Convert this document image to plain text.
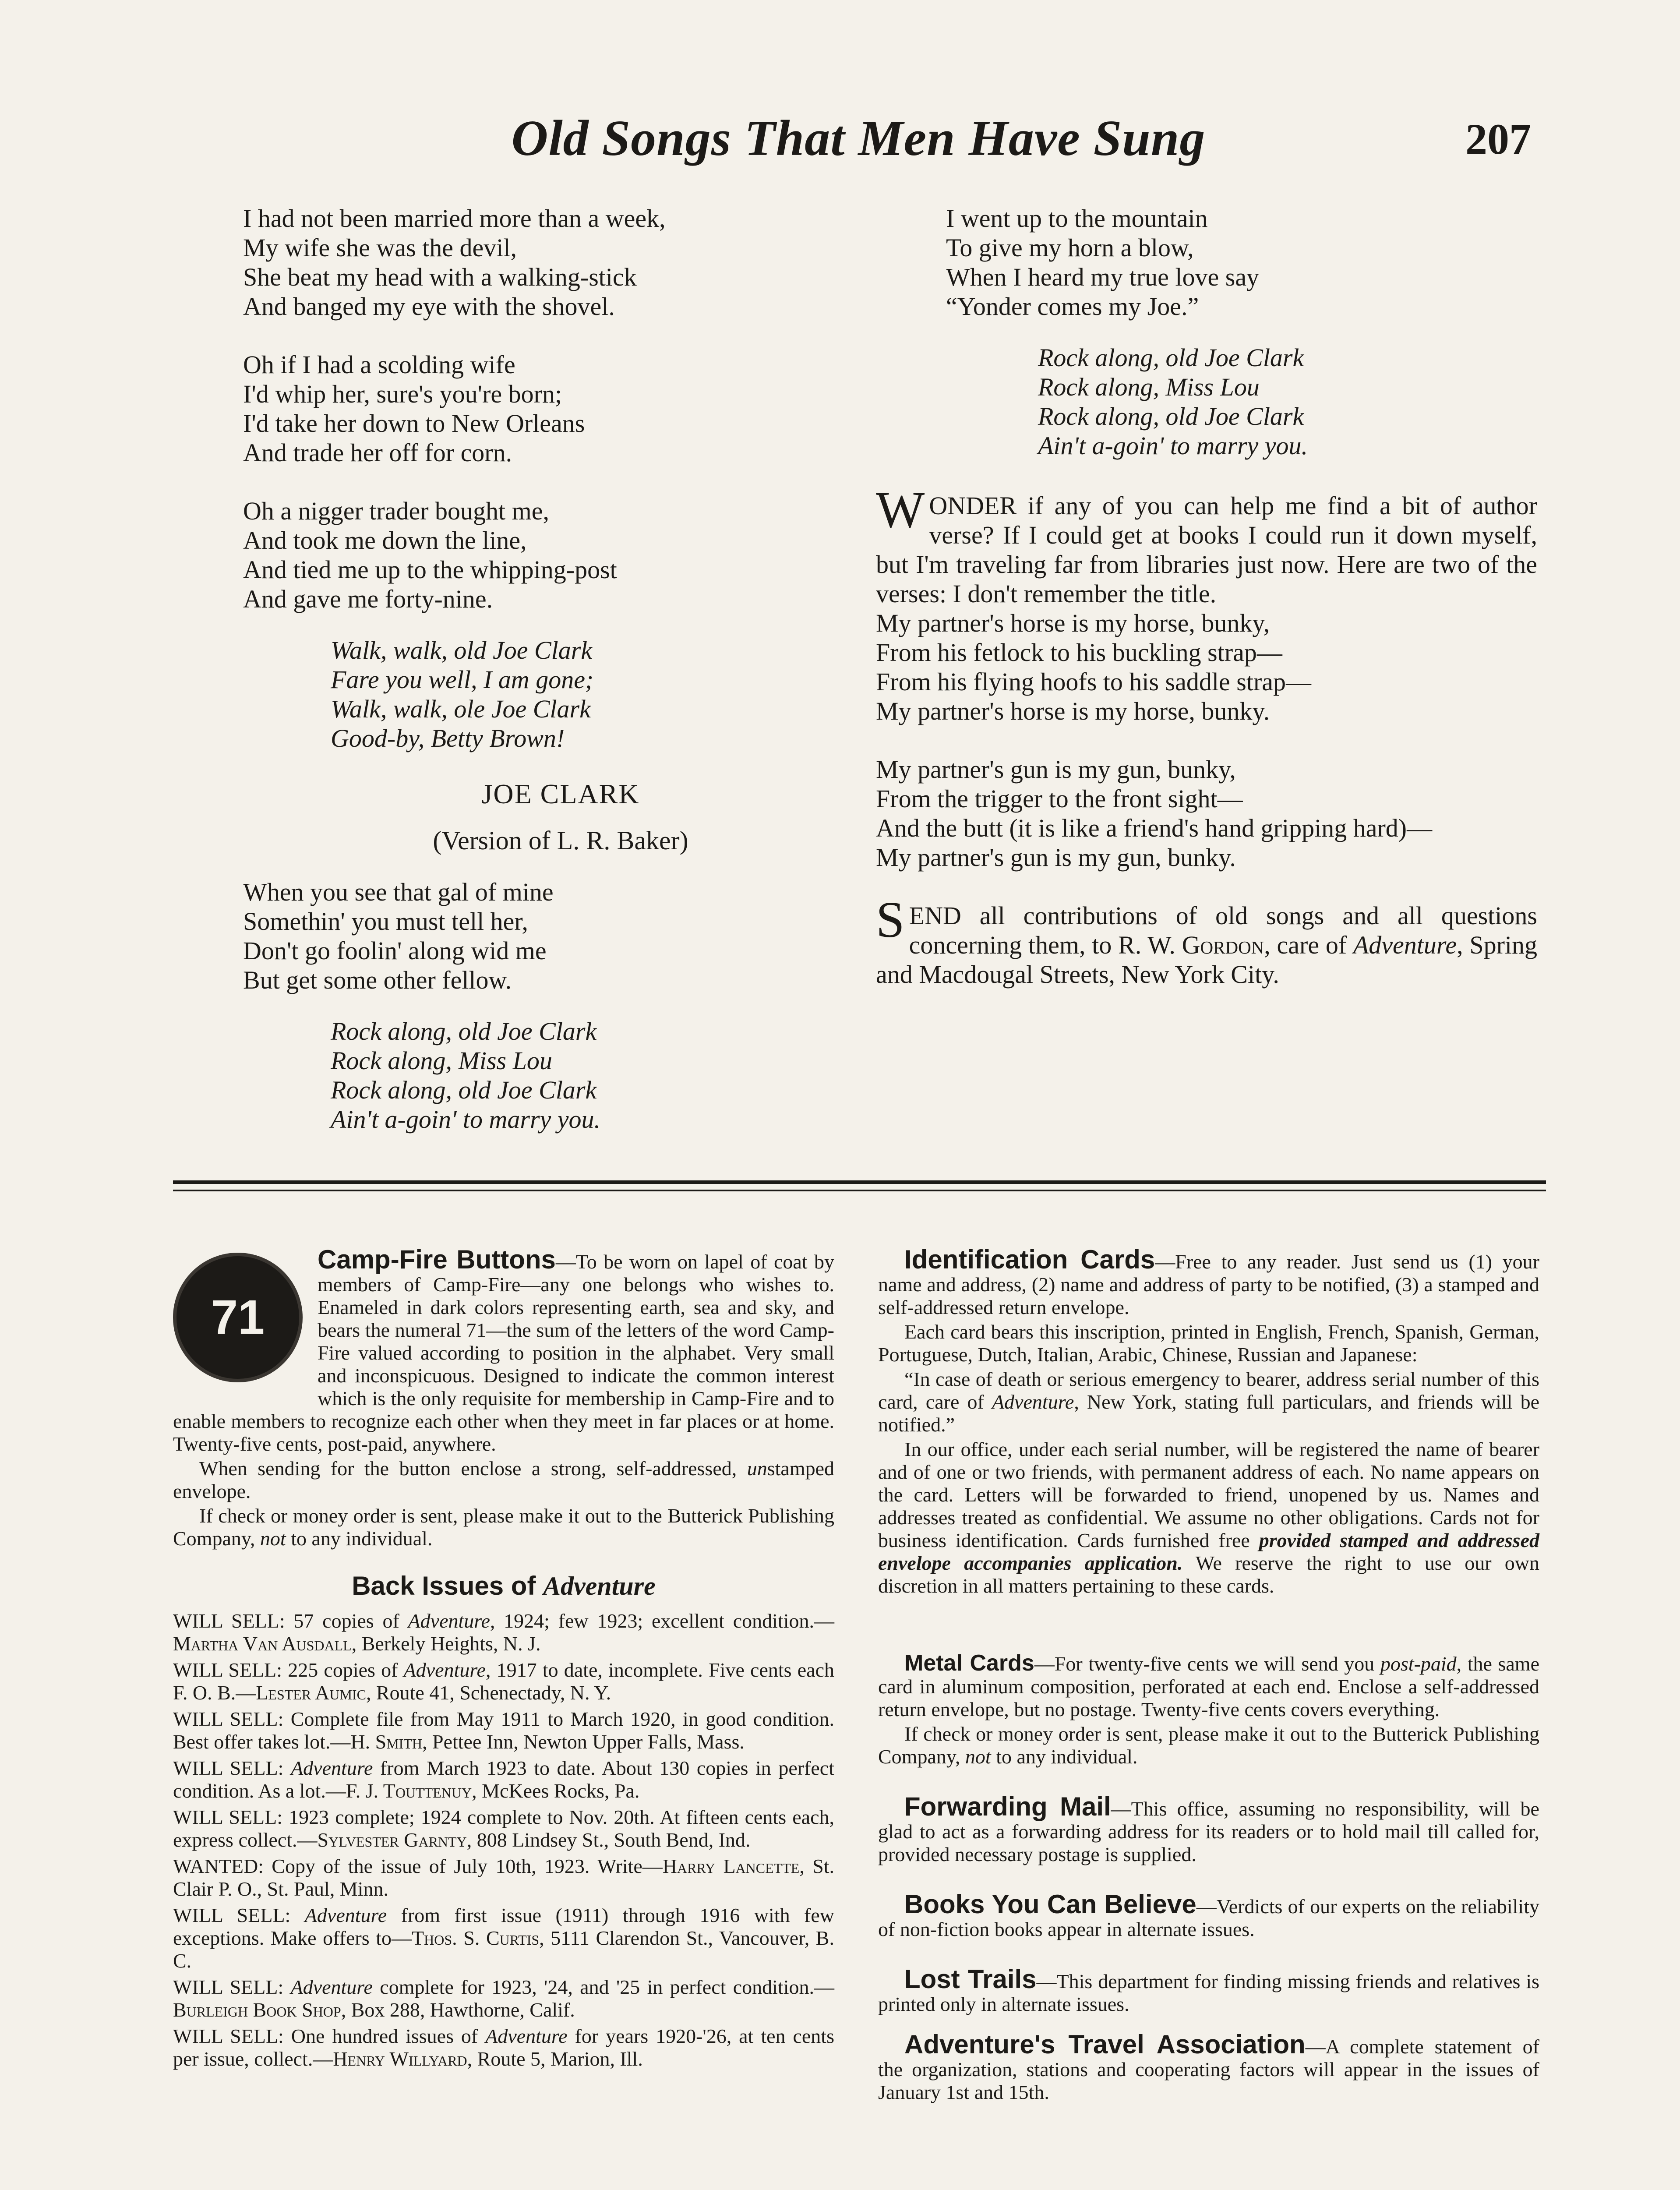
Old Songs That Men Have Sung	207
I had not been married more than a week,
My wife she was the devil,
She beat my head with a walking-stick
And banged my eye with the shovel.
Oh if I had a scolding wife
I'd whip her, sure's you're born;
I'd take her down to New Orleans
And trade her off for corn.
Oh a nigger trader bought me,
And took me down the line,
And tied me up to the whipping-post
And gave me forty-nine.
Walk, walk, old Joe Clark
Fare you well, I am gone;
Walk, walk, ole Joe Clark
Good-by, Betty Brown!
JOE CLARK
(Version of L. R. Baker)
When you see that gal of mine
Somethin' you must tell her,
Don't go foolin' along wid me
But get some other fellow.
Rock along, old Joe Clark
Rock along, Miss Lou
Rock along, old Joe Clark
Ain't a-goin' to marry you.
I went up to the mountain
To give my horn a blow,
When I heard my true love say
“Yonder comes my Joe.”
Rock along, old Joe Clark
Rock along, Miss Lou
Rock along, old Joe Clark
Ain't a-goin' to marry you.

WONDER if any of you can help me find a bit of author verse? If I could get at books I could run it down myself, but I'm traveling far from libraries just now. Here are two of the verses: I don't remember the title.

My partner's horse is my horse, bunky,
From his fetlock to his buckling strap—
From his flying hoofs to his saddle strap—
My partner's horse is my horse, bunky.
My partner's gun is my gun, bunky,
From the trigger to the front sight—
And the butt (it is like a friend's hand gripping hard)—
My partner's gun is my gun, bunky.

SEND all contributions of old songs and all questions concerning them, to R. W. Gordon, care of Adventure, Spring and Macdougal Streets, New York City.

71

Camp-Fire Buttons—To be worn on lapel of coat by members of Camp-Fire—any one belongs who wishes to. Enameled in dark colors representing earth, sea and sky, and bears the numeral 71—the sum of the letters of the word Camp-Fire valued according to position in the alphabet. Very small and inconspicuous. Designed to indicate the common interest which is the only requisite for membership in Camp-Fire and to enable members to recognize each other when they meet in far places or at home. Twenty-five cents, post-paid, anywhere.

When sending for the button enclose a strong, self-addressed, unstamped envelope.

If check or money order is sent, please make it out to the Butterick Publishing Company, not to any individual.

Back Issues of Adventure

WILL SELL: 57 copies of Adventure, 1924; few 1923; excellent condition.—Martha Van Ausdall, Berkely Heights, N. J.

WILL SELL: 225 copies of Adventure, 1917 to date, incomplete. Five cents each F. O. B.—Lester Aumic, Route 41, Schenectady, N. Y.

WILL SELL: Complete file from May 1911 to March 1920, in good condition. Best offer takes lot.—H. Smith, Pettee Inn, Newton Upper Falls, Mass.

WILL SELL: Adventure from March 1923 to date. About 130 copies in perfect condition. As a lot.—F. J. Touttenuy, McKees Rocks, Pa.

WILL SELL: 1923 complete; 1924 complete to Nov. 20th. At fifteen cents each, express collect.—Sylvester Garnty, 808 Lindsey St., South Bend, Ind.

WANTED: Copy of the issue of July 10th, 1923. Write—Harry Lancette, St. Clair P. O., St. Paul, Minn.

WILL SELL: Adventure from first issue (1911) through 1916 with few exceptions. Make offers to—Thos. S. Curtis, 5111 Clarendon St., Vancouver, B. C.

WILL SELL: Adventure complete for 1923, '24, and '25 in perfect condition.—Burleigh Book Shop, Box 288, Hawthorne, Calif.

WILL SELL: One hundred issues of Adventure for years 1920-'26, at ten cents per issue, collect.—Henry Willyard, Route 5, Marion, Ill.

Identification Cards—Free to any reader. Just send us (1) your name and address, (2) name and address of party to be notified, (3) a stamped and self-addressed return envelope.

Each card bears this inscription, printed in English, French, Spanish, German, Portuguese, Dutch, Italian, Arabic, Chinese, Russian and Japanese:

“In case of death or serious emergency to bearer, address serial number of this card, care of Adventure, New York, stating full particulars, and friends will be notified.”

In our office, under each serial number, will be registered the name of bearer and of one or two friends, with permanent address of each. No name appears on the card. Letters will be forwarded to friend, unopened by us. Names and addresses treated as confidential. We assume no other obligations. Cards not for business identification. Cards furnished free provided stamped and addressed envelope accompanies application. We reserve the right to use our own discretion in all matters pertaining to these cards.

Metal Cards—For twenty-five cents we will send you post-paid, the same card in aluminum composition, perforated at each end. Enclose a self-addressed return envelope, but no postage. Twenty-five cents covers everything.

If check or money order is sent, please make it out to the Butterick Publishing Company, not to any individual.

Forwarding Mail—This office, assuming no responsibility, will be glad to act as a forwarding address for its readers or to hold mail till called for, provided necessary postage is supplied.

Books You Can Believe—Verdicts of our experts on the reliability of non-fiction books appear in alternate issues.

Lost Trails—This department for finding missing friends and relatives is printed only in alternate issues.

Adventure's Travel Association—A complete statement of the organization, stations and cooperating factors will appear in the issues of January 1st and 15th.
